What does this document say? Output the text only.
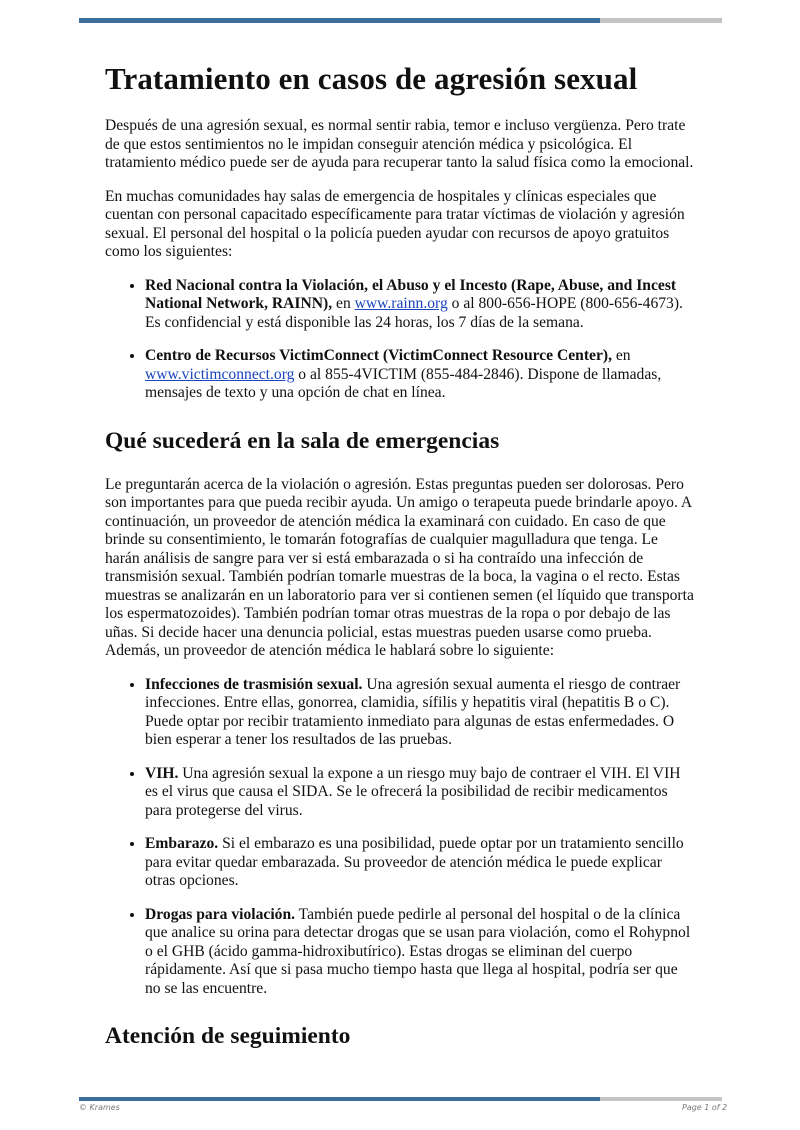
Tratamiento en casos de agresión sexual

Después de una agresión sexual, es normal sentir rabia, temor e incluso vergüenza. Pero trate de que estos sentimientos no le impidan conseguir atención médica y psicológica. El tratamiento médico puede ser de ayuda para recuperar tanto la salud física como la emocional.

En muchas comunidades hay salas de emergencia de hospitales y clínicas especiales que cuentan con personal capacitado específicamente para tratar víctimas de violación y agresión sexual. El personal del hospital o la policía pueden ayudar con recursos de apoyo gratuitos como los siguientes:

• Red Nacional contra la Violación, el Abuso y el Incesto (Rape, Abuse, and Incest National Network, RAINN), en www.rainn.org o al 800-656-HOPE (800-656-4673). Es confidencial y está disponible las 24 horas, los 7 días de la semana.
• Centro de Recursos VictimConnect (VictimConnect Resource Center), en www.victimconnect.org o al 855-4VICTIM (855-484-2846). Dispone de llamadas, mensajes de texto y una opción de chat en línea.
Qué sucederá en la sala de emergencias

Le preguntarán acerca de la violación o agresión. Estas preguntas pueden ser dolorosas. Pero son importantes para que pueda recibir ayuda. Un amigo o terapeuta puede brindarle apoyo. A continuación, un proveedor de atención médica la examinará con cuidado. En caso de que brinde su consentimiento, le tomarán fotografías de cualquier magulladura que tenga. Le harán análisis de sangre para ver si está embarazada o si ha contraído una infección de transmisión sexual. También podrían tomarle muestras de la boca, la vagina o el recto. Estas muestras se analizarán en un laboratorio para ver si contienen semen (el líquido que transporta los espermatozoides). También podrían tomar otras muestras de la ropa o por debajo de las uñas. Si decide hacer una denuncia policial, estas muestras pueden usarse como prueba. Además, un proveedor de atención médica le hablará sobre lo siguiente:

• Infecciones de trasmisión sexual. Una agresión sexual aumenta el riesgo de contraer infecciones. Entre ellas, gonorrea, clamidia, sífilis y hepatitis viral (hepatitis B o C). Puede optar por recibir tratamiento inmediato para algunas de estas enfermedades. O bien esperar a tener los resultados de las pruebas.
• VIH. Una agresión sexual la expone a un riesgo muy bajo de contraer el VIH. El VIH es el virus que causa el SIDA. Se le ofrecerá la posibilidad de recibir medicamentos para protegerse del virus.
• Embarazo. Si el embarazo es una posibilidad, puede optar por un tratamiento sencillo para evitar quedar embarazada. Su proveedor de atención médica le puede explicar otras opciones.
• Drogas para violación. También puede pedirle al personal del hospital o de la clínica que analice su orina para detectar drogas que se usan para violación, como el Rohypnol o el GHB (ácido gamma-hidroxibutírico). Estas drogas se eliminan del cuerpo rápidamente. Así que si pasa mucho tiempo hasta que llega al hospital, podría ser que no se las encuentre.
Atención de seguimiento
© Krames	Page 1 of 2
